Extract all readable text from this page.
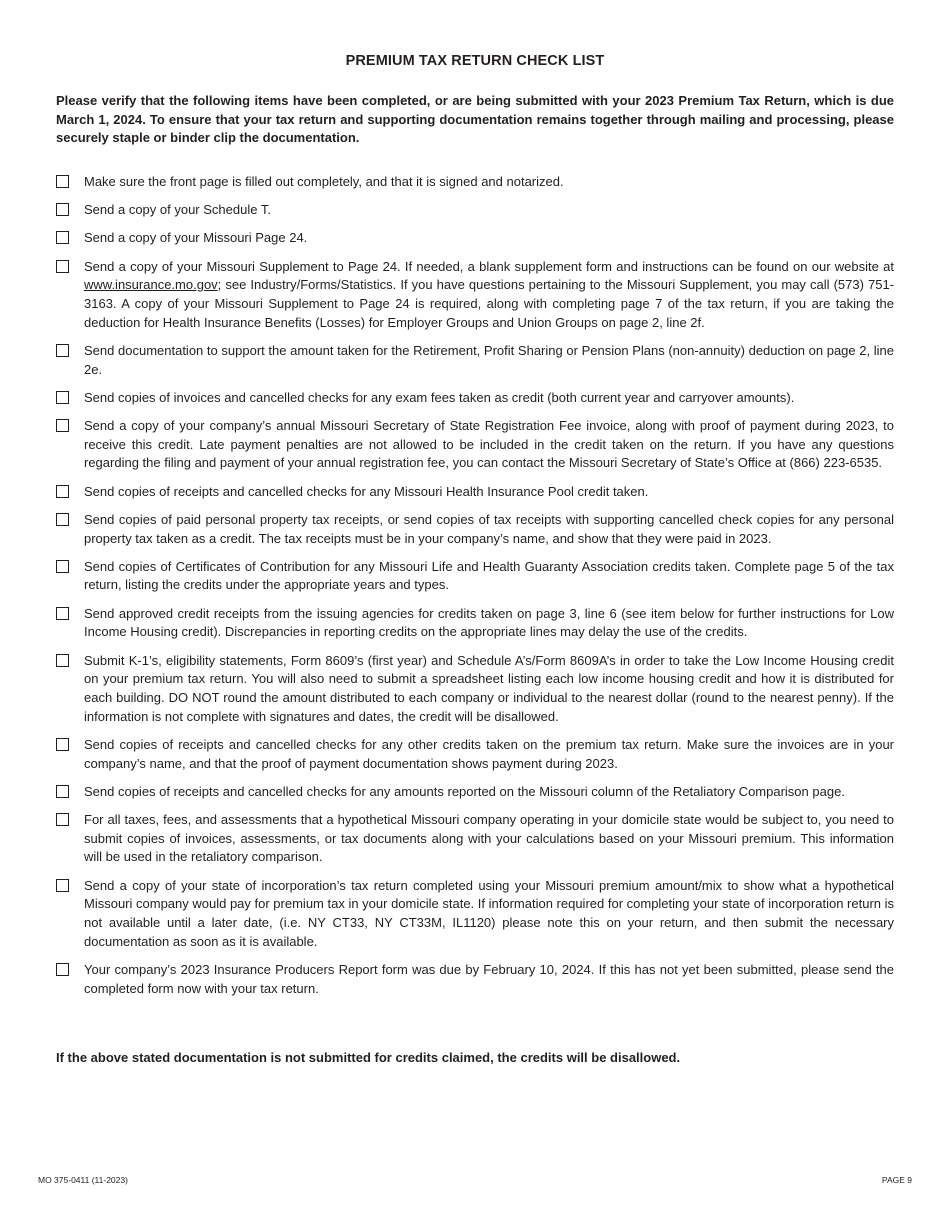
PREMIUM TAX RETURN CHECK LIST
Please verify that the following items have been completed, or are being submitted with your 2023 Premium Tax Return, which is due March 1, 2024. To ensure that your tax return and supporting documentation remains together through mailing and processing, please securely staple or binder clip the documentation.
Make sure the front page is filled out completely, and that it is signed and notarized.
Send a copy of your Schedule T.
Send a copy of your Missouri Page 24.
Send a copy of your Missouri Supplement to Page 24. If needed, a blank supplement form and instructions can be found on our website at www.insurance.mo.gov; see Industry/Forms/Statistics. If you have questions pertaining to the Missouri Supplement, you may call (573) 751-3163. A copy of your Missouri Supplement to Page 24 is required, along with completing page 7 of the tax return, if you are taking the deduction for Health Insurance Benefits (Losses) for Employer Groups and Union Groups on page 2, line 2f.
Send documentation to support the amount taken for the Retirement, Profit Sharing or Pension Plans (non-annuity) deduction on page 2, line 2e.
Send copies of invoices and cancelled checks for any exam fees taken as credit (both current year and carryover amounts).
Send a copy of your company’s annual Missouri Secretary of State Registration Fee invoice, along with proof of payment during 2023, to receive this credit. Late payment penalties are not allowed to be included in the credit taken on the return. If you have any questions regarding the filing and payment of your annual registration fee, you can contact the Missouri Secretary of State’s Office at (866) 223-6535.
Send copies of receipts and cancelled checks for any Missouri Health Insurance Pool credit taken.
Send copies of paid personal property tax receipts, or send copies of tax receipts with supporting cancelled check copies for any personal property tax taken as a credit. The tax receipts must be in your company’s name, and show that they were paid in 2023.
Send copies of Certificates of Contribution for any Missouri Life and Health Guaranty Association credits taken. Complete page 5 of the tax return, listing the credits under the appropriate years and types.
Send approved credit receipts from the issuing agencies for credits taken on page 3, line 6 (see item below for further instructions for Low Income Housing credit). Discrepancies in reporting credits on the appropriate lines may delay the use of the credits.
Submit K-1’s, eligibility statements, Form 8609’s (first year) and Schedule A’s/Form 8609A’s in order to take the Low Income Housing credit on your premium tax return. You will also need to submit a spreadsheet listing each low income housing credit and how it is distributed for each building. DO NOT round the amount distributed to each company or individual to the nearest dollar (round to the nearest penny). If the information is not complete with signatures and dates, the credit will be disallowed.
Send copies of receipts and cancelled checks for any other credits taken on the premium tax return. Make sure the invoices are in your company’s name, and that the proof of payment documentation shows payment during 2023.
Send copies of receipts and cancelled checks for any amounts reported on the Missouri column of the Retaliatory Comparison page.
For all taxes, fees, and assessments that a hypothetical Missouri company operating in your domicile state would be subject to, you need to submit copies of invoices, assessments, or tax documents along with your calculations based on your Missouri premium. This information will be used in the retaliatory comparison.
Send a copy of your state of incorporation’s tax return completed using your Missouri premium amount/mix to show what a hypothetical Missouri company would pay for premium tax in your domicile state. If information required for completing your state of incorporation return is not available until a later date, (i.e. NY CT33, NY CT33M, IL1120) please note this on your return, and then submit the necessary documentation as soon as it is available.
Your company’s 2023 Insurance Producers Report form was due by February 10, 2024. If this has not yet been submitted, please send the completed form now with your tax return.
If the above stated documentation is not submitted for credits claimed, the credits will be disallowed.
MO 375-0411 (11-2023)	PAGE 9
